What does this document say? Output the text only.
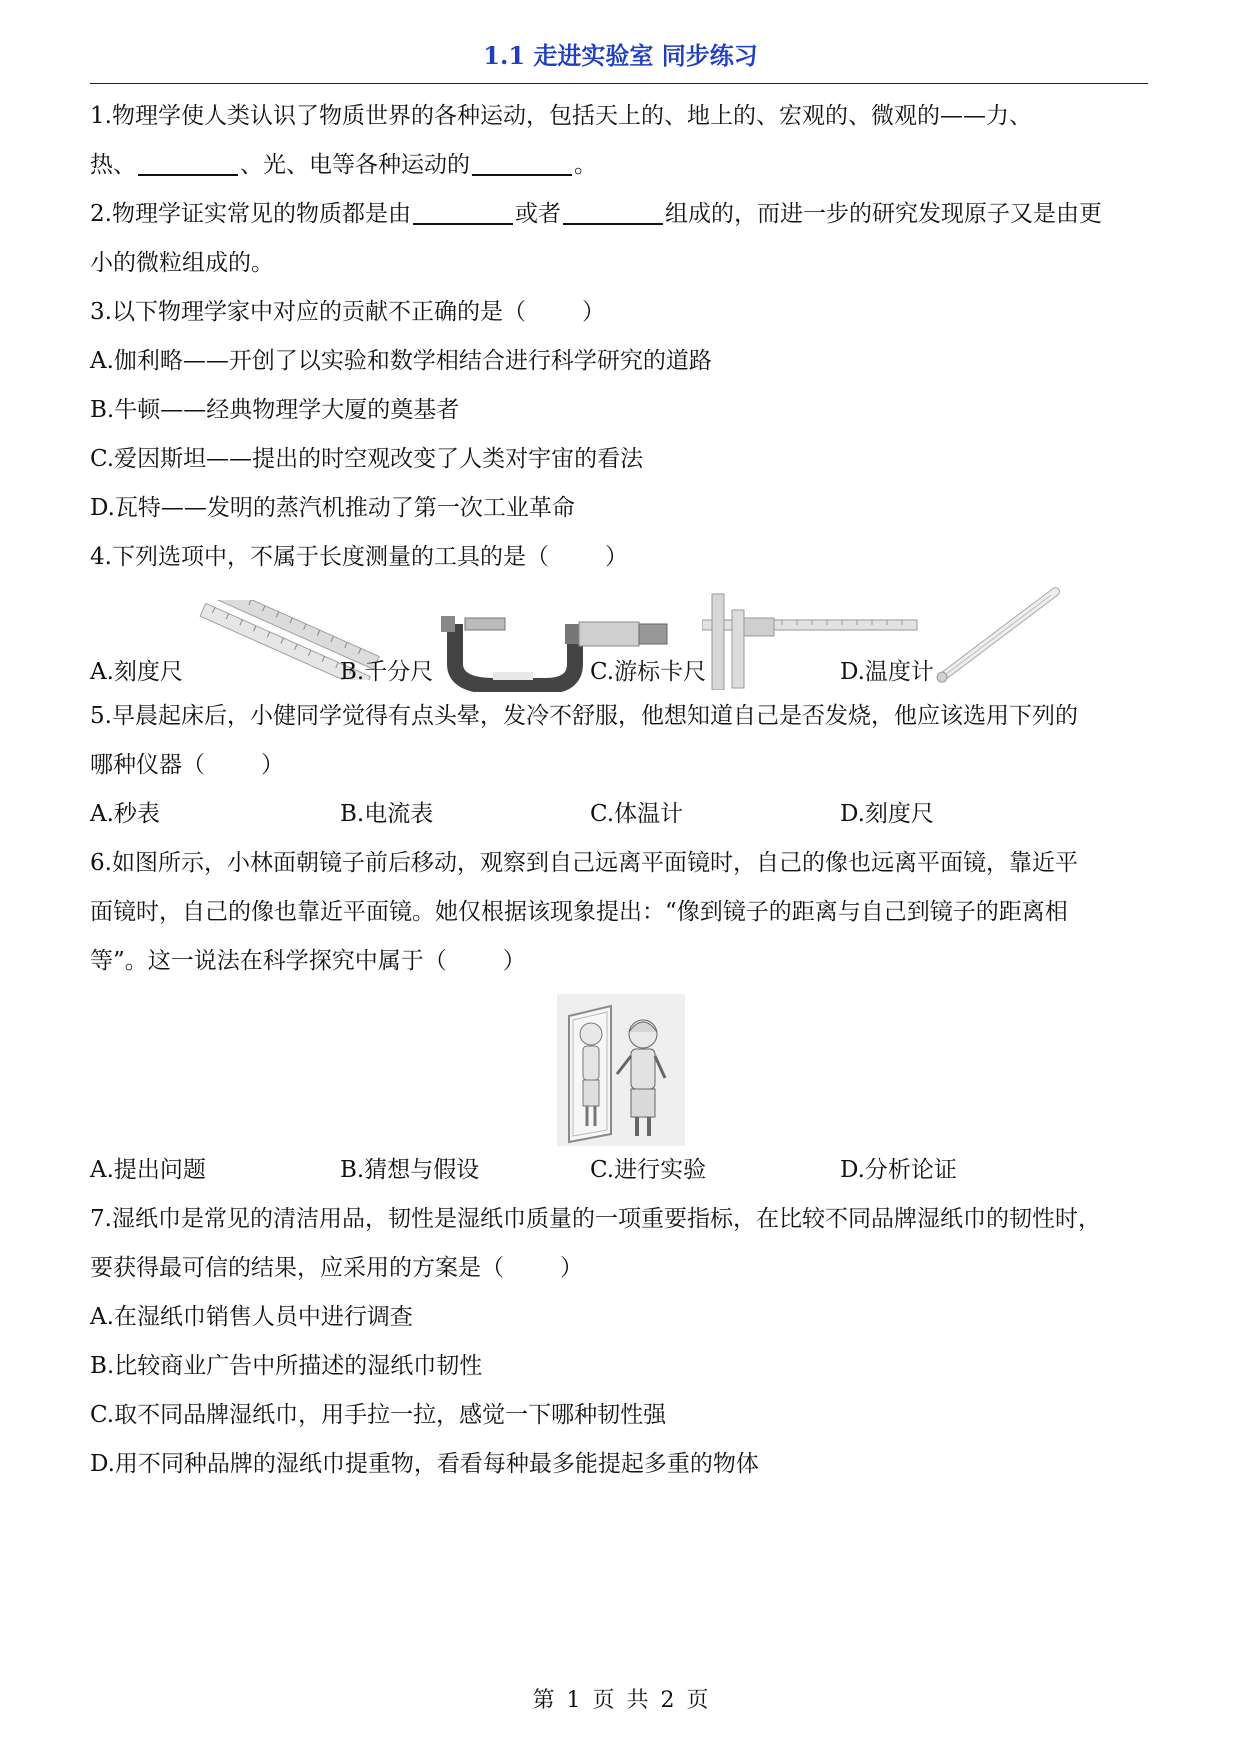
1.1 走进实验室 同步练习
1.物理学使人类认识了物质世界的各种运动，包括天上的、地上的、宏观的、微观的——力、
热、	、光、电等各种运动的	。
2.物理学证实常见的物质都是由	或者	组成的，而进一步的研究发现原子又是由更
小的微粒组成的。
3.以下物理学家中对应的贡献不正确的是（ ）
A.伽利略——开创了以实验和数学相结合进行科学研究的道路
B.牛顿——经典物理学大厦的奠基者
C.爱因斯坦——提出的时空观改变了人类对宇宙的看法
D.瓦特——发明的蒸汽机推动了第一次工业革命
4.下列选项中，不属于长度测量的工具的是（ ）
A.刻度尺	B.千分尺	C.游标卡尺	D.温度计
5.早晨起床后，小健同学觉得有点头晕，发冷不舒服，他想知道自己是否发烧，他应该选用下列的
哪种仪器（ ）
A.秒表	B.电流表	C.体温计	D.刻度尺
6.如图所示，小林面朝镜子前后移动，观察到自己远离平面镜时，自己的像也远离平面镜，靠近平
面镜时，自己的像也靠近平面镜。她仅根据该现象提出：“像到镜子的距离与自己到镜子的距离相
等”。这一说法在科学探究中属于（ ）
A.提出问题	B.猜想与假设	C.进行实验	D.分析论证
7.湿纸巾是常见的清洁用品，韧性是湿纸巾质量的一项重要指标，在比较不同品牌湿纸巾的韧性时，
要获得最可信的结果，应采用的方案是（ ）
A.在湿纸巾销售人员中进行调查
B.比较商业广告中所描述的湿纸巾韧性
C.取不同品牌湿纸巾，用手拉一拉，感觉一下哪种韧性强
D.用不同种品牌的湿纸巾提重物，看看每种最多能提起多重的物体
第 1 页 共 2 页
